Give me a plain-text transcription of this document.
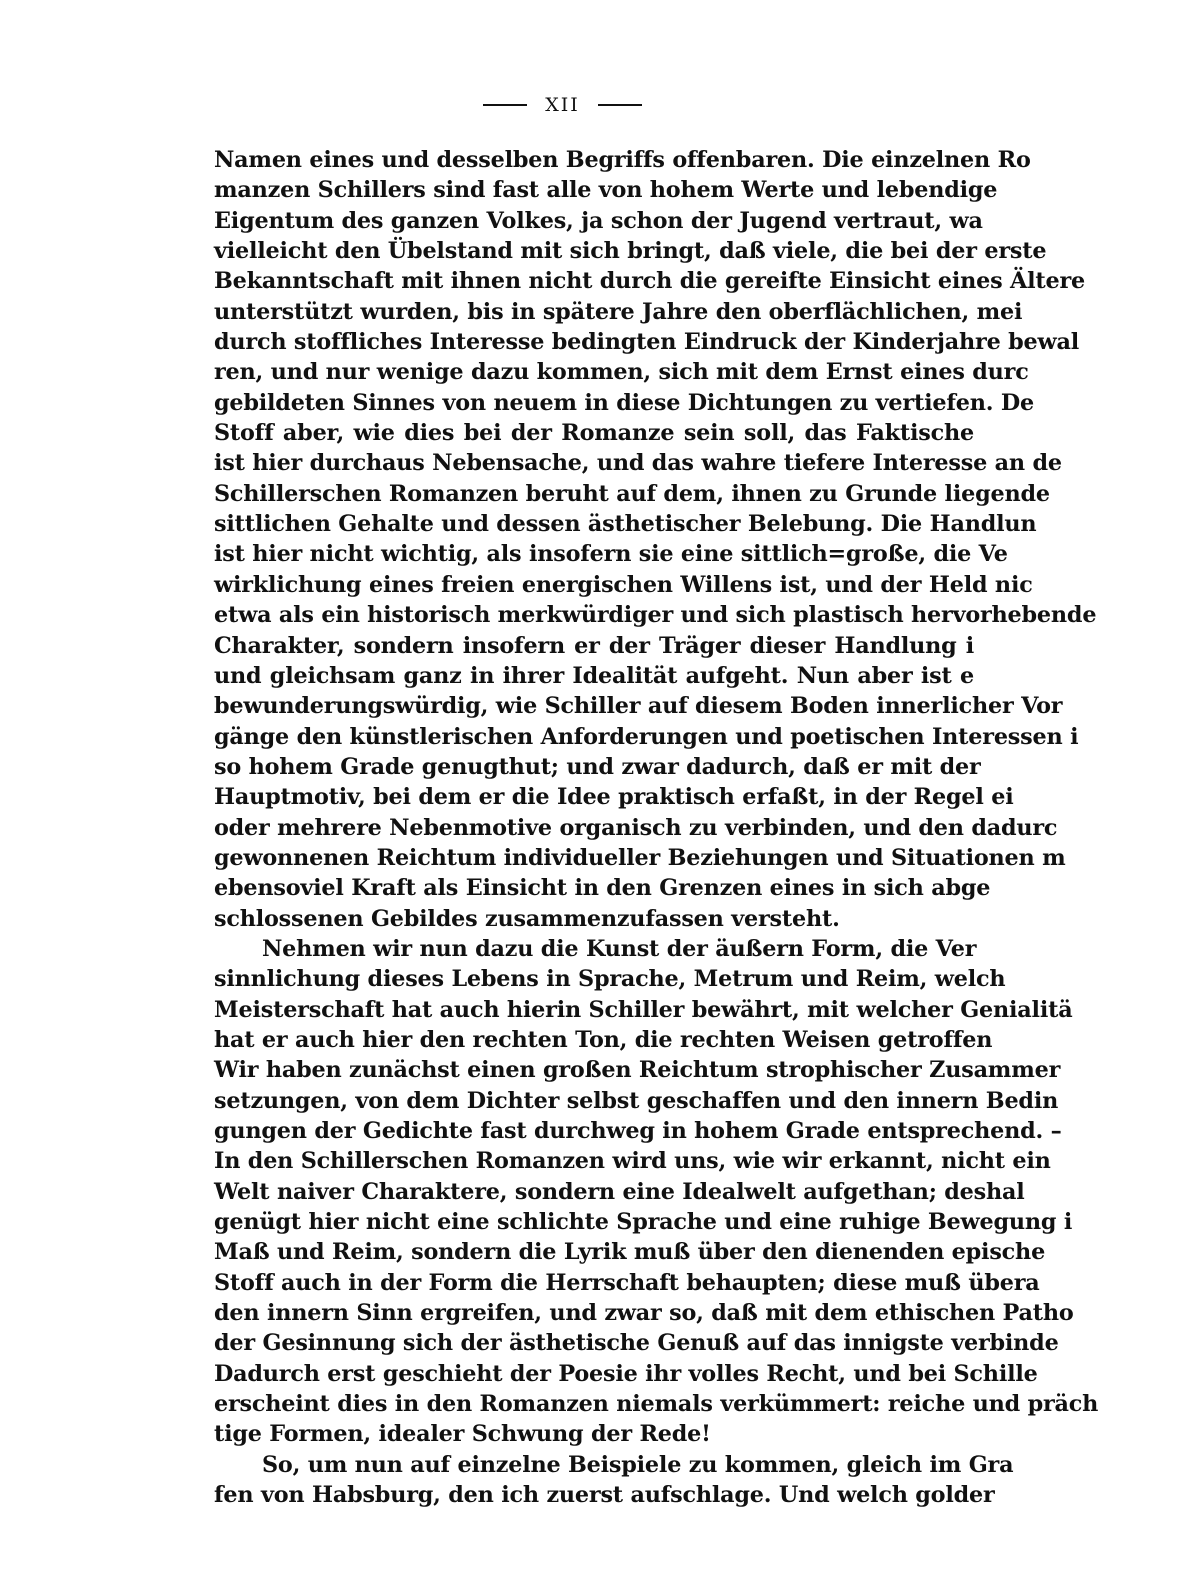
XII
Namen eines und desselben Begriffs offenbaren. Die einzelnen Ro
manzen Schillers sind fast alle von hohem Werte und lebendige
Eigentum des ganzen Volkes, ja schon der Jugend vertraut, wa
vielleicht den Übelstand mit sich bringt, daß viele, die bei der erste
Bekanntschaft mit ihnen nicht durch die gereifte Einsicht eines Ältere
unterstützt wurden, bis in spätere Jahre den oberflächlichen, mei
durch stoffliches Interesse bedingten Eindruck der Kinderjahre bewal
ren, und nur wenige dazu kommen, sich mit dem Ernst eines durc
gebildeten Sinnes von neuem in diese Dichtungen zu vertiefen. De
Stoff aber, wie dies bei der Romanze sein soll, das Faktische
ist hier durchaus Nebensache, und das wahre tiefere Interesse an de
Schillerschen Romanzen beruht auf dem, ihnen zu Grunde liegende
sittlichen Gehalte und dessen ästhetischer Belebung. Die Handlun
ist hier nicht wichtig, als insofern sie eine sittlich=große, die Ve
wirklichung eines freien energischen Willens ist, und der Held nic
etwa als ein historisch merkwürdiger und sich plastisch hervorhebende
Charakter, sondern insofern er der Träger dieser Handlung i
und gleichsam ganz in ihrer Idealität aufgeht. Nun aber ist e
bewunderungswürdig, wie Schiller auf diesem Boden innerlicher Vor
gänge den künstlerischen Anforderungen und poetischen Interessen i
so hohem Grade genugthut; und zwar dadurch, daß er mit der
Hauptmotiv, bei dem er die Idee praktisch erfaßt, in der Regel ei
oder mehrere Nebenmotive organisch zu verbinden, und den dadurc
gewonnenen Reichtum individueller Beziehungen und Situationen m
ebensoviel Kraft als Einsicht in den Grenzen eines in sich abge
schlossenen Gebildes zusammenzufassen versteht.
Nehmen wir nun dazu die Kunst der äußern Form, die Ver
sinnlichung dieses Lebens in Sprache, Metrum und Reim, welch
Meisterschaft hat auch hierin Schiller bewährt, mit welcher Genialitä
hat er auch hier den rechten Ton, die rechten Weisen getroffen
Wir haben zunächst einen großen Reichtum strophischer Zusammer
setzungen, von dem Dichter selbst geschaffen und den innern Bedin
gungen der Gedichte fast durchweg in hohem Grade entsprechend. –
In den Schillerschen Romanzen wird uns, wie wir erkannt, nicht ein
Welt naiver Charaktere, sondern eine Idealwelt aufgethan; deshal
genügt hier nicht eine schlichte Sprache und eine ruhige Bewegung i
Maß und Reim, sondern die Lyrik muß über den dienenden epische
Stoff auch in der Form die Herrschaft behaupten; diese muß übera
den innern Sinn ergreifen, und zwar so, daß mit dem ethischen Patho
der Gesinnung sich der ästhetische Genuß auf das innigste verbinde
Dadurch erst geschieht der Poesie ihr volles Recht, und bei Schille
erscheint dies in den Romanzen niemals verkümmert: reiche und präch
tige Formen, idealer Schwung der Rede!
So, um nun auf einzelne Beispiele zu kommen, gleich im Gra
fen von Habsburg, den ich zuerst aufschlage. Und welch golder
